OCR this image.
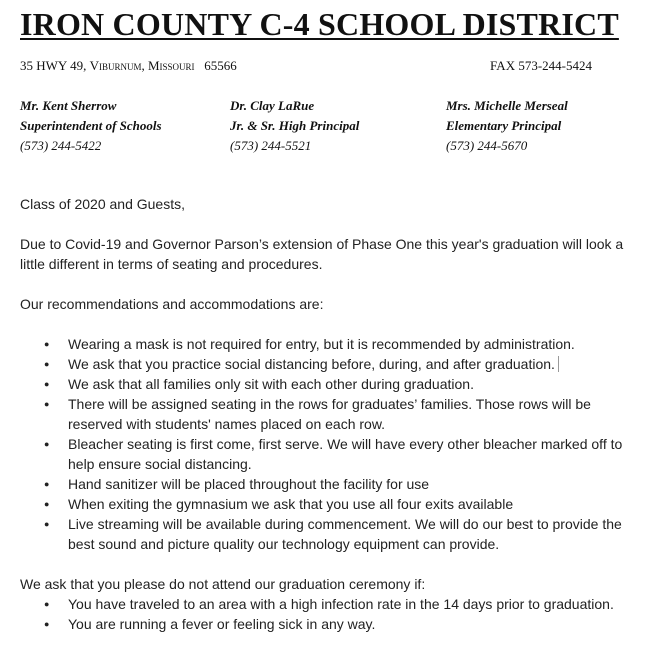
IRON COUNTY C-4 SCHOOL DISTRICT
35 HWY 49, Viburnum, Missouri 65566	FAX 573-244-5424
Mr. Kent Sherrow
Superintendent of Schools
(573) 244-5422
Dr. Clay LaRue
Jr. & Sr. High Principal
(573) 244-5521
Mrs. Michelle Merseal
Elementary Principal
(573) 244-5670

Class of 2020 and Guests,

Due to Covid-19 and Governor Parson’s extension of Phase One this year's graduation will look a little different in terms of seating and procedures.

Our recommendations and accommodations are:

● Wearing a mask is not required for entry, but it is recommended by administration.
● We ask that you practice social distancing before, during, and after graduation.
● We ask that all families only sit with each other during graduation.
● There will be assigned seating in the rows for graduates’ families. Those rows will be reserved with students' names placed on each row.
● Bleacher seating is first come, first serve. We will have every other bleacher marked off to help ensure social distancing.
● Hand sanitizer will be placed throughout the facility for use
● When exiting the gymnasium we ask that you use all four exits available
● Live streaming will be available during commencement. We will do our best to provide the best sound and picture quality our technology equipment can provide.

We ask that you please do not attend our graduation ceremony if:

● You have traveled to an area with a high infection rate in the 14 days prior to graduation.
● You are running a fever or feeling sick in any way.
